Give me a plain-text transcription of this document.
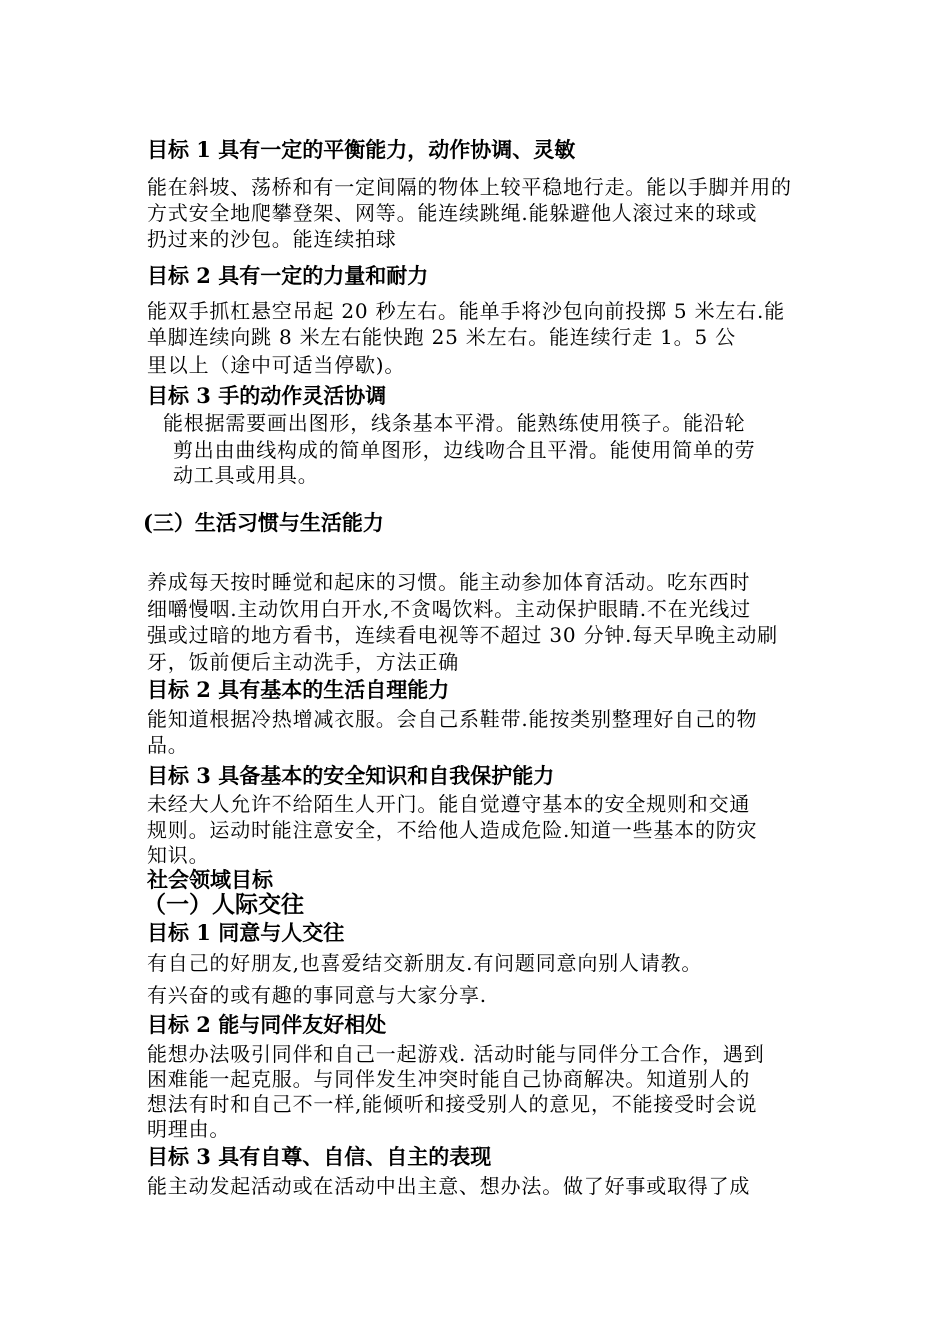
目标 1 具有一定的平衡能力，动作协调、灵敏
能在斜坡、荡桥和有一定间隔的物体上较平稳地行走。能以手脚并用的
方式安全地爬攀登架、网等。能连续跳绳.能躲避他人滚过来的球或
扔过来的沙包。能连续拍球
目标 2 具有一定的力量和耐力
能双手抓杠悬空吊起 20 秒左右。能单手将沙包向前投掷 5 米左右.能
单脚连续向跳 8 米左右能快跑 25 米左右。能连续行走 1。5 公
里以上（途中可适当停歇)。
目标 3 手的动作灵活协调
能根据需要画出图形，线条基本平滑。能熟练使用筷子。能沿轮
剪出由曲线构成的简单图形，边线吻合且平滑。能使用简单的劳
动工具或用具。
(三）生活习惯与生活能力
养成每天按时睡觉和起床的习惯。能主动参加体育活动。吃东西时
细嚼慢咽.主动饮用白开水,不贪喝饮料。主动保护眼睛.不在光线过
强或过暗的地方看书，连续看电视等不超过 30 分钟.每天早晚主动刷
牙，饭前便后主动洗手，方法正确
目标 2 具有基本的生活自理能力
能知道根据冷热增减衣服。会自己系鞋带.能按类别整理好自己的物
品。
目标 3 具备基本的安全知识和自我保护能力
未经大人允许不给陌生人开门。能自觉遵守基本的安全规则和交通
规则。运动时能注意安全，不给他人造成危险.知道一些基本的防灾
知识。
社会领域目标
（一）人际交往
目标 1 同意与人交往
有自己的好朋友,也喜爱结交新朋友.有问题同意向别人请教。
有兴奋的或有趣的事同意与大家分享.
目标 2 能与同伴友好相处
能想办法吸引同伴和自己一起游戏. 活动时能与同伴分工合作，遇到
困难能一起克服。与同伴发生冲突时能自己协商解决。知道别人的
想法有时和自己不一样,能倾听和接受别人的意见，不能接受时会说
明理由。
目标 3 具有自尊、自信、自主的表现
能主动发起活动或在活动中出主意、想办法。做了好事或取得了成
